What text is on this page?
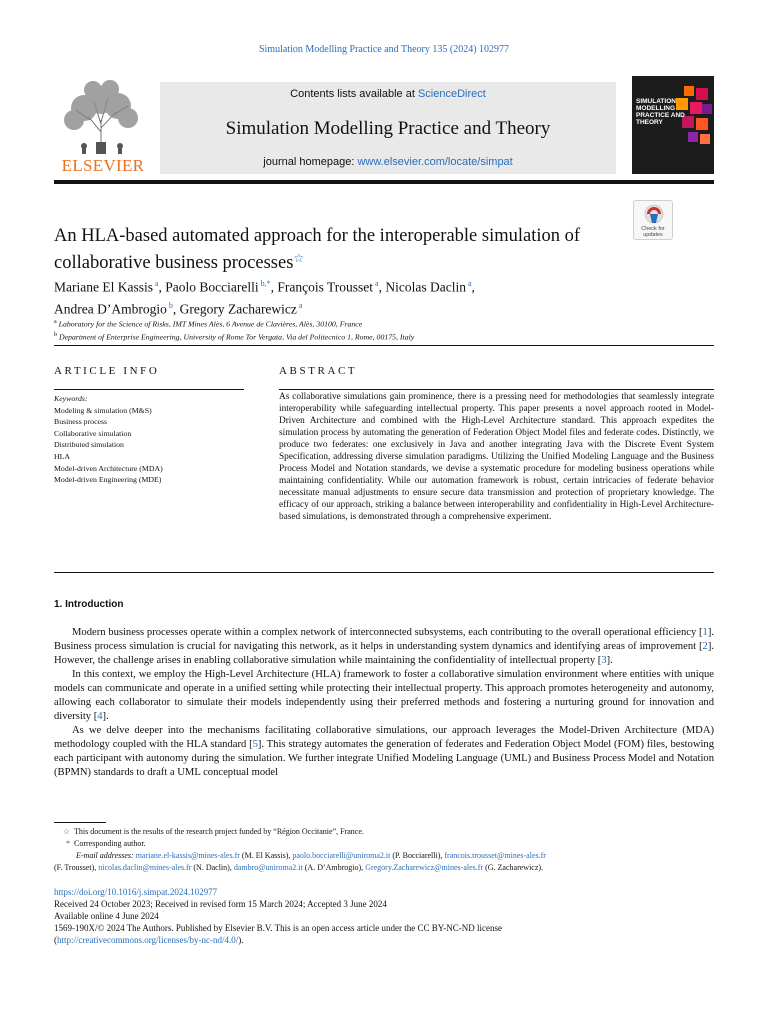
Simulation Modelling Practice and Theory 135 (2024) 102977
ELSEVIER
Contents lists available at ScienceDirect
Simulation Modelling Practice and Theory
journal homepage: www.elsevier.com/locate/simpat
SIMULATION MODELLING PRACTICE AND THEORY
Check for updates
An HLA-based automated approach for the interoperable simulation of collaborative business processes☆
Mariane El Kassis $^a$, Paolo Bocciarelli $^{b,*}$, François Trousset $^a$, Nicolas Daclin $^a$,
Andrea D’Ambrogio $^b$, Gregory Zacharewicz $^a$
$^a$ Laboratory for the Science of Risks, IMT Mines Alès, 6 Avenue de Clavières, Alès, 30100, France
$^b$ Department of Enterprise Engineering, University of Rome Tor Vergata, Via del Politecnico 1, Rome, 00175, Italy
ARTICLE INFO	ABSTRACT
Keywords:
Modeling & simulation (M&S)
Business process
Collaborative simulation
Distributed simulation
HLA
Model-driven Architecture (MDA)
Model-driven Engineering (MDE)
As collaborative simulations gain prominence, there is a pressing need for methodologies that seamlessly integrate interoperability while safeguarding intellectual property. This paper presents a novel approach rooted in Model-Driven Architecture and combined with the High-Level Architecture standard. This approach expedites the simulation process by automating the generation of Federation Object Model files and federate codes. Distinctly, we produce two federates: one exclusively in Java and another integrating Java with the Discrete Event System Specification, addressing diverse simulation paradigms. Utilizing the Unified Modeling Language and the Business Process Model and Notation standards, we devise a systematic procedure for modeling business operations while maintaining confidentiality. While our automation framework is robust, certain intricacies of federate behavior necessitate manual adjustments to ensure secure data transmission and protection of proprietary knowledge. The efficacy of our approach, striking a balance between interoperability and confidentiality in High-Level Architecture-based simulations, is demonstrated through a comprehensive experiment.
1. Introduction

Modern business processes operate within a complex network of interconnected subsystems, each contributing to the overall operational efficiency [1]. Business process simulation is crucial for navigating this network, as it helps in understanding system dynamics and identifying areas of improvement [2]. However, the challenge arises in enabling collaborative simulation while maintaining the confidentiality of intellectual property [3].

In this context, we employ the High-Level Architecture (HLA) framework to foster a collaborative simulation environment where entities with unique models can communicate and operate in a unified setting while protecting their intellectual property. This approach promotes heterogeneity and autonomy, allowing each collaborator to simulate their models independently using their preferred methods and fostering a nurturing ground for innovation and diversity [4].

As we delve deeper into the mechanisms facilitating collaborative simulations, our approach leverages the Model-Driven Architecture (MDA) methodology coupled with the HLA standard [5]. This strategy automates the generation of federates and Federation Object Model (FOM) files, bestowing each participant with autonomy during the simulation. We further integrate Unified Modeling Language (UML) and Business Process Model and Notation (BPMN) standards to draft a UML conceptual model

☆ This document is the results of the research project funded by “Région Occitanie”, France.
* Corresponding author.
E-mail addresses: mariane.el-kassis@mines-ales.fr (M. El Kassis), paolo.bocciarelli@uniroma2.it (P. Bocciarelli), francois.trousset@mines-ales.fr
(F. Trousset), nicolas.daclin@mines-ales.fr (N. Daclin), dambro@uniroma2.it (A. D’Ambrogio), Gregory.Zacharewicz@mines-ales.fr (G. Zacharewicz).
https://doi.org/10.1016/j.simpat.2024.102977
Received 24 October 2023; Received in revised form 15 March 2024; Accepted 3 June 2024
Available online 4 June 2024
1569-190X/© 2024 The Authors. Published by Elsevier B.V. This is an open access article under the CC BY-NC-ND license
(http://creativecommons.org/licenses/by-nc-nd/4.0/).
